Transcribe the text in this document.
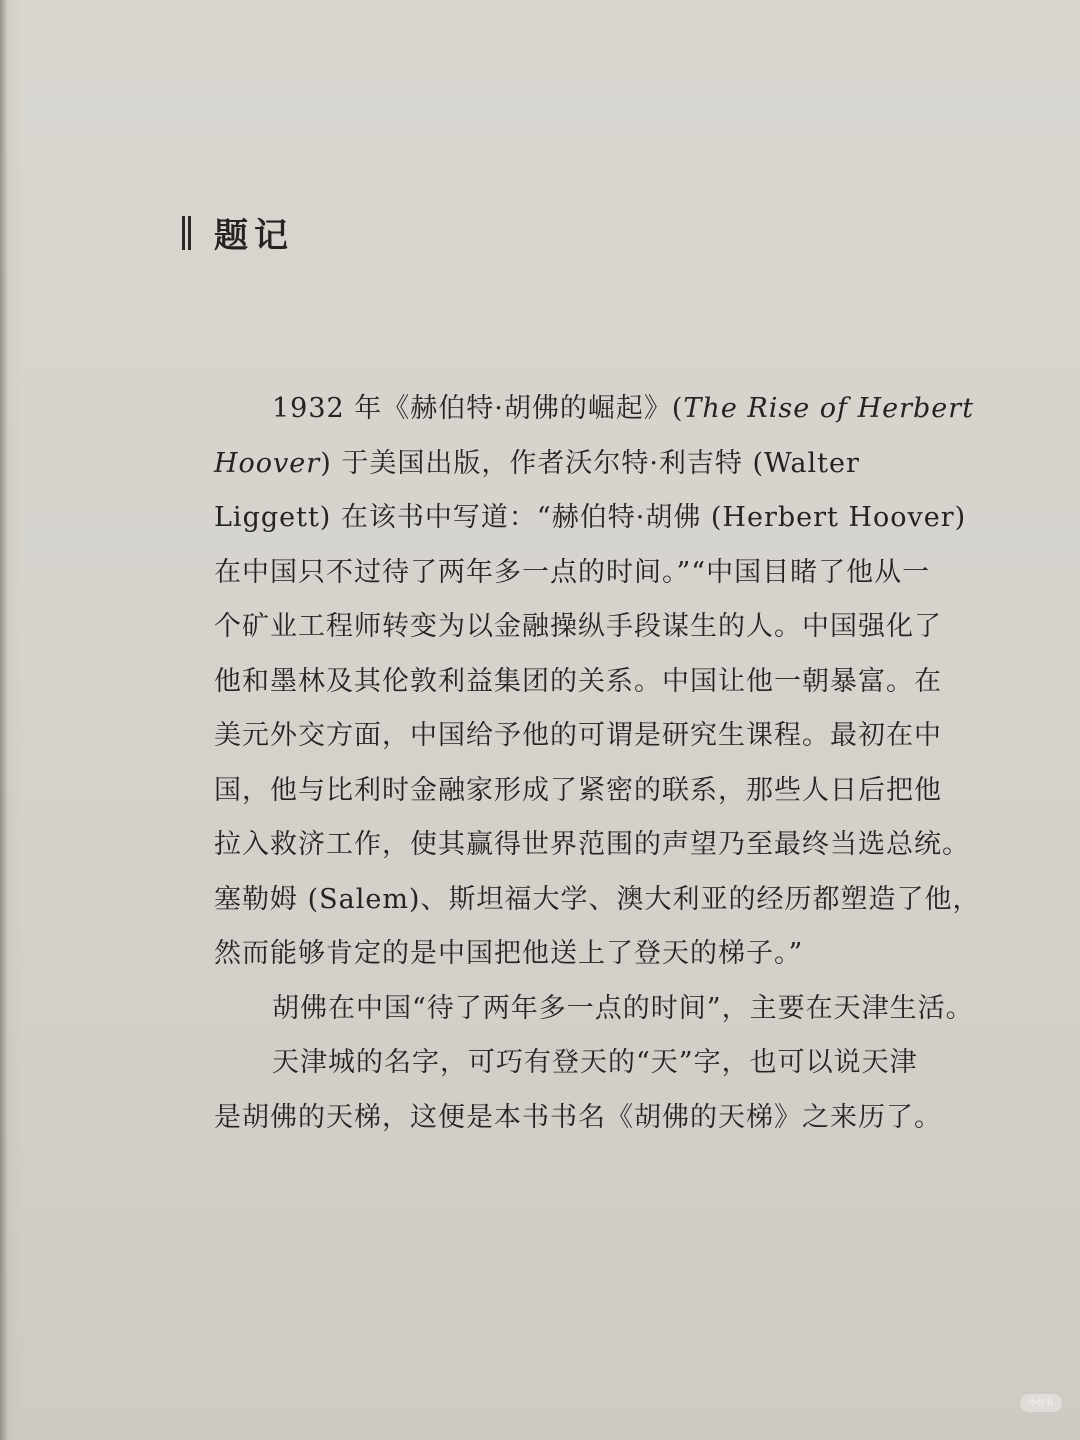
题记

1932 年《赫伯特·胡佛的崛起》(The Rise of Herbert
Hoover) 于美国出版，作者沃尔特·利吉特 (Walter
Liggett) 在该书中写道：“赫伯特·胡佛 (Herbert Hoover)
在中国只不过待了两年多一点的时间。”“中国目睹了他从一
个矿业工程师转变为以金融操纵手段谋生的人。中国强化了
他和墨林及其伦敦利益集团的关系。中国让他一朝暴富。在
美元外交方面，中国给予他的可谓是研究生课程。最初在中
国，他与比利时金融家形成了紧密的联系，那些人日后把他
拉入救济工作，使其赢得世界范围的声望乃至最终当选总统。
塞勒姆 (Salem)、斯坦福大学、澳大利亚的经历都塑造了他，
然而能够肯定的是中国把他送上了登天的梯子。”

胡佛在中国“待了两年多一点的时间”，主要在天津生活。

天津城的名字，可巧有登天的“天”字，也可以说天津
是胡佛的天梯，这便是本书书名《胡佛的天梯》之来历了。

小红书
